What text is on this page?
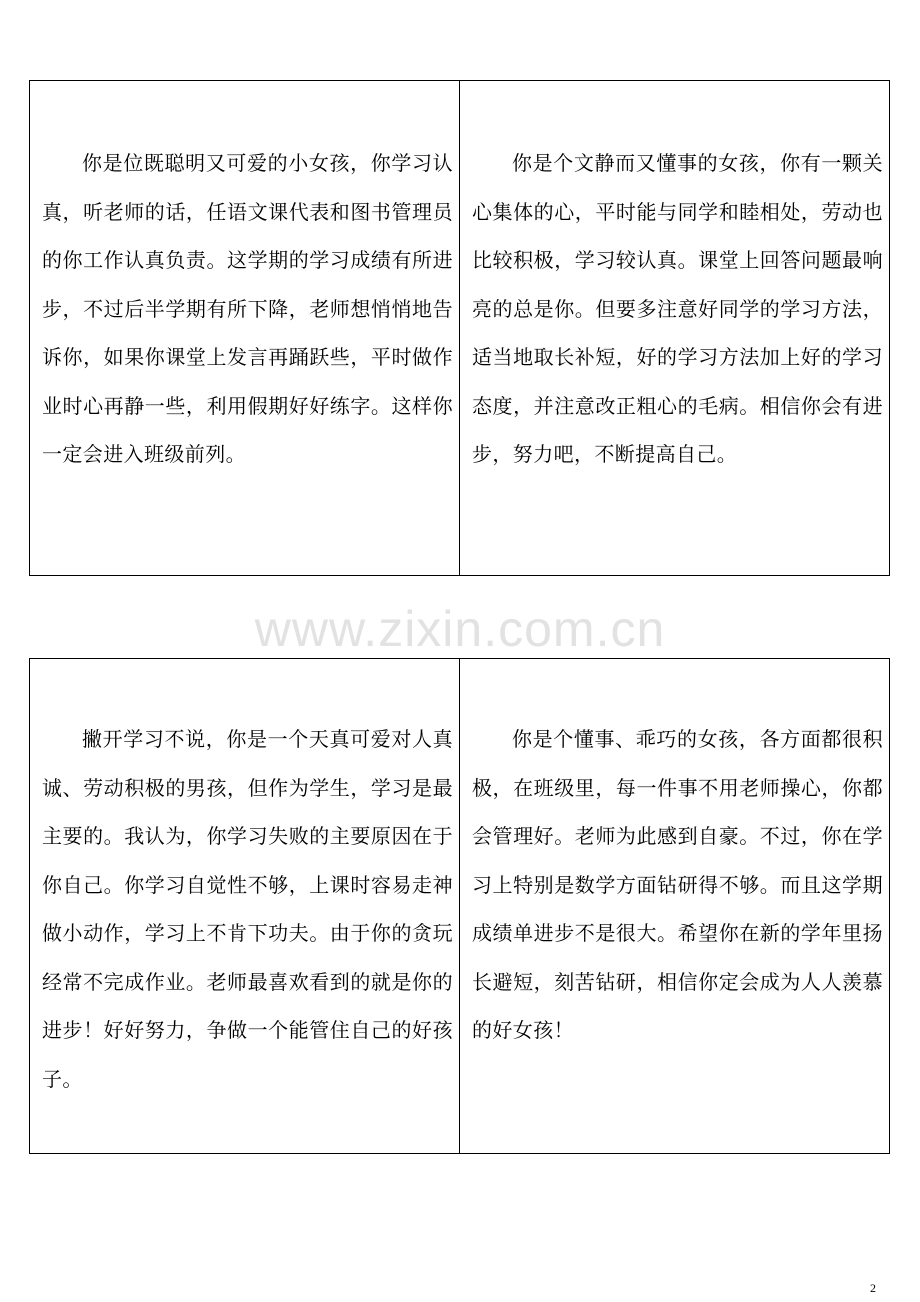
你是位既聪明又可爱的小女孩，你学习认真，听老师的话，任语文课代表和图书管理员的你工作认真负责。这学期的学习成绩有所进步，不过后半学期有所下降，老师想悄悄地告诉你，如果你课堂上发言再踊跃些，平时做作业时心再静一些，利用假期好好练字。这样你一定会进入班级前列。

你是个文静而又懂事的女孩，你有一颗关心集体的心，平时能与同学和睦相处，劳动也比较积极，学习较认真。课堂上回答问题最响亮的总是你。但要多注意好同学的学习方法，适当地取长补短，好的学习方法加上好的学习态度，并注意改正粗心的毛病。相信你会有进步，努力吧，不断提高自己。

www.zixin.com.cn

撇开学习不说，你是一个天真可爱对人真诚、劳动积极的男孩，但作为学生，学习是最主要的。我认为，你学习失败的主要原因在于你自己。你学习自觉性不够，上课时容易走神做小动作，学习上不肯下功夫。由于你的贪玩经常不完成作业。老师最喜欢看到的就是你的进步！好好努力，争做一个能管住自己的好孩子。

你是个懂事、乖巧的女孩，各方面都很积极，在班级里，每一件事不用老师操心，你都会管理好。老师为此感到自豪。不过，你在学习上特别是数学方面钻研得不够。而且这学期成绩单进步不是很大。希望你在新的学年里扬长避短，刻苦钻研，相信你定会成为人人羡慕的好女孩！

2
